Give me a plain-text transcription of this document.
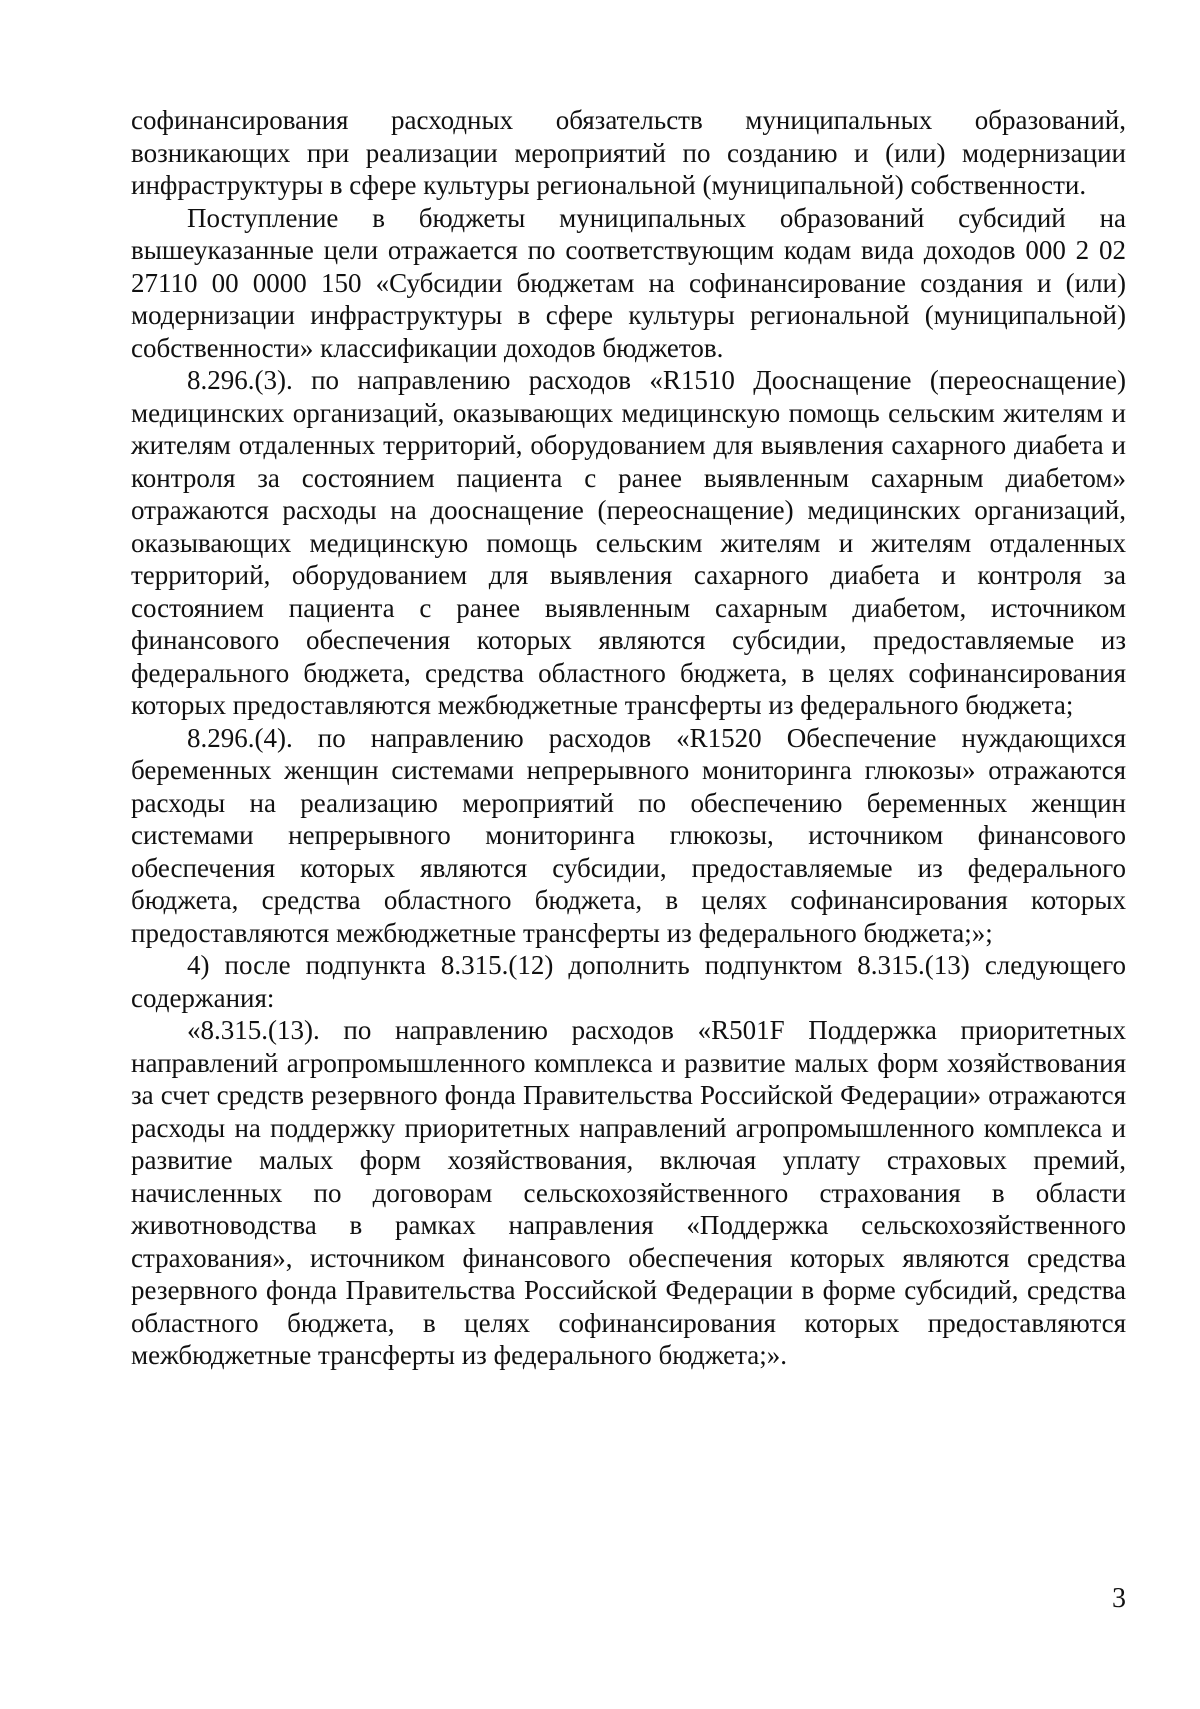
софинансирования расходных обязательств муниципальных образований, возникающих при реализации мероприятий по созданию и (или) модернизации инфраструктуры в сфере культуры региональной (муниципальной) собственности.

Поступление в бюджеты муниципальных образований субсидий на вышеуказанные цели отражается по соответствующим кодам вида доходов 000 2 02 27110 00 0000 150 «Субсидии бюджетам на софинансирование создания и (или) модернизации инфраструктуры в сфере культуры региональной (муниципальной) собственности» классификации доходов бюджетов.

8.296.(3). по направлению расходов «R1510 Дооснащение (переоснащение) медицинских организаций, оказывающих медицинскую помощь сельским жителям и жителям отдаленных территорий, оборудованием для выявления сахарного диабета и контроля за состоянием пациента с ранее выявленным сахарным диабетом» отражаются расходы на дооснащение (переоснащение) медицинских организаций, оказывающих медицинскую помощь сельским жителям и жителям отдаленных территорий, оборудованием для выявления сахарного диабета и контроля за состоянием пациента с ранее выявленным сахарным диабетом, источником финансового обеспечения которых являются субсидии, предоставляемые из федерального бюджета, средства областного бюджета, в целях софинансирования которых предоставляются межбюджетные трансферты из федерального бюджета;

8.296.(4). по направлению расходов «R1520 Обеспечение нуждающихся беременных женщин системами непрерывного мониторинга глюкозы» отражаются расходы на реализацию мероприятий по обеспечению беременных женщин системами непрерывного мониторинга глюкозы, источником финансового обеспечения которых являются субсидии, предоставляемые из федерального бюджета, средства областного бюджета, в целях софинансирования которых предоставляются межбюджетные трансферты из федерального бюджета;»;

4) после подпункта 8.315.(12) дополнить подпунктом 8.315.(13) следующего содержания:

«8.315.(13). по направлению расходов «R501F Поддержка приоритетных направлений агропромышленного комплекса и развитие малых форм хозяйствования за счет средств резервного фонда Правительства Российской Федерации» отражаются расходы на поддержку приоритетных направлений агропромышленного комплекса и развитие малых форм хозяйствования, включая уплату страховых премий, начисленных по договорам сельскохозяйственного страхования в области животноводства в рамках направления «Поддержка сельскохозяйственного страхования», источником финансового обеспечения которых являются средства резервного фонда Правительства Российской Федерации в форме субсидий, средства областного бюджета, в целях софинансирования которых предоставляются межбюджетные трансферты из федерального бюджета;».

3
